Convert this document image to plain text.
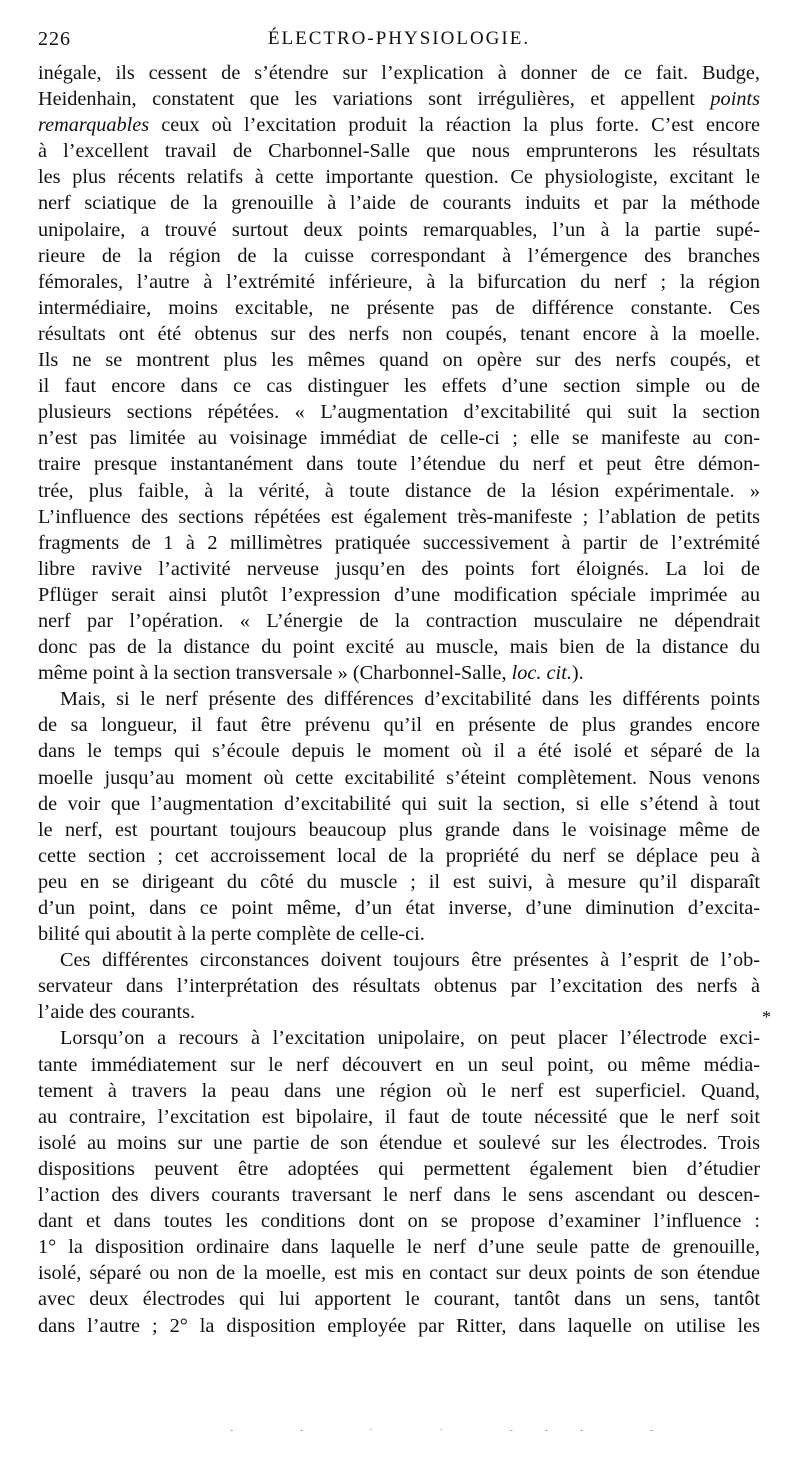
226	ÉLECTRO-PHYSIOLOGIE.
inégale, ils cessent de s’étendre sur l’explication à donner de ce fait. Budge,
Heidenhain, constatent que les variations sont irrégulières, et appellent points
remarquables ceux où l’excitation produit la réaction la plus forte. C’est encore
à l’excellent travail de Charbonnel-Salle que nous emprunterons les résultats
les plus récents relatifs à cette importante question. Ce physiologiste, excitant le
nerf sciatique de la grenouille à l’aide de courants induits et par la méthode
unipolaire, a trouvé surtout deux points remarquables, l’un à la partie supé-
rieure de la région de la cuisse correspondant à l’émergence des branches
fémorales, l’autre à l’extrémité inférieure, à la bifurcation du nerf ; la région
intermédiaire, moins excitable, ne présente pas de différence constante. Ces
résultats ont été obtenus sur des nerfs non coupés, tenant encore à la moelle.
Ils ne se montrent plus les mêmes quand on opère sur des nerfs coupés, et
il faut encore dans ce cas distinguer les effets d’une section simple ou de
plusieurs sections répétées. « L’augmentation d’excitabilité qui suit la section
n’est pas limitée au voisinage immédiat de celle-ci ; elle se manifeste au con-
traire presque instantanément dans toute l’étendue du nerf et peut être démon-
trée, plus faible, à la vérité, à toute distance de la lésion expérimentale. »
L’influence des sections répétées est également très-manifeste ; l’ablation de petits
fragments de 1 à 2 millimètres pratiquée successivement à partir de l’extrémité
libre ravive l’activité nerveuse jusqu’en des points fort éloignés. La loi de
Pflüger serait ainsi plutôt l’expression d’une modification spéciale imprimée au
nerf par l’opération. « L’énergie de la contraction musculaire ne dépendrait
donc pas de la distance du point excité au muscle, mais bien de la distance du
même point à la section transversale » (Charbonnel-Salle, loc. cit.).
Mais, si le nerf présente des différences d’excitabilité dans les différents points
de sa longueur, il faut être prévenu qu’il en présente de plus grandes encore
dans le temps qui s’écoule depuis le moment où il a été isolé et séparé de la
moelle jusqu’au moment où cette excitabilité s’éteint complètement. Nous venons
de voir que l’augmentation d’excitabilité qui suit la section, si elle s’étend à tout
le nerf, est pourtant toujours beaucoup plus grande dans le voisinage même de
cette section ; cet accroissement local de la propriété du nerf se déplace peu à
peu en se dirigeant du côté du muscle ; il est suivi, à mesure qu’il disparaît
d’un point, dans ce point même, d’un état inverse, d’une diminution d’excita-
bilité qui aboutit à la perte complète de celle-ci.
Ces différentes circonstances doivent toujours être présentes à l’esprit de l’ob-
servateur dans l’interprétation des résultats obtenus par l’excitation des nerfs à
l’aide des courants.
Lorsqu’on a recours à l’excitation unipolaire, on peut placer l’électrode exci-
tante immédiatement sur le nerf découvert en un seul point, ou même média-
tement à travers la peau dans une région où le nerf est superficiel. Quand,
au contraire, l’excitation est bipolaire, il faut de toute nécessité que le nerf soit
isolé au moins sur une partie de son étendue et soulevé sur les électrodes. Trois
dispositions peuvent être adoptées qui permettent également bien d’étudier
l’action des divers courants traversant le nerf dans le sens ascendant ou descen-
dant et dans toutes les conditions dont on se propose d’examiner l’influence :
1° la disposition ordinaire dans laquelle le nerf d’une seule patte de grenouille,
isolé, séparé ou non de la moelle, est mis en contact sur deux points de son étendue
avec deux électrodes qui lui apportent le courant, tantôt dans un sens, tantôt
dans l’autre ; 2° la disposition employée par Ritter, dans laquelle on utilise les
*
- - · · --- -
